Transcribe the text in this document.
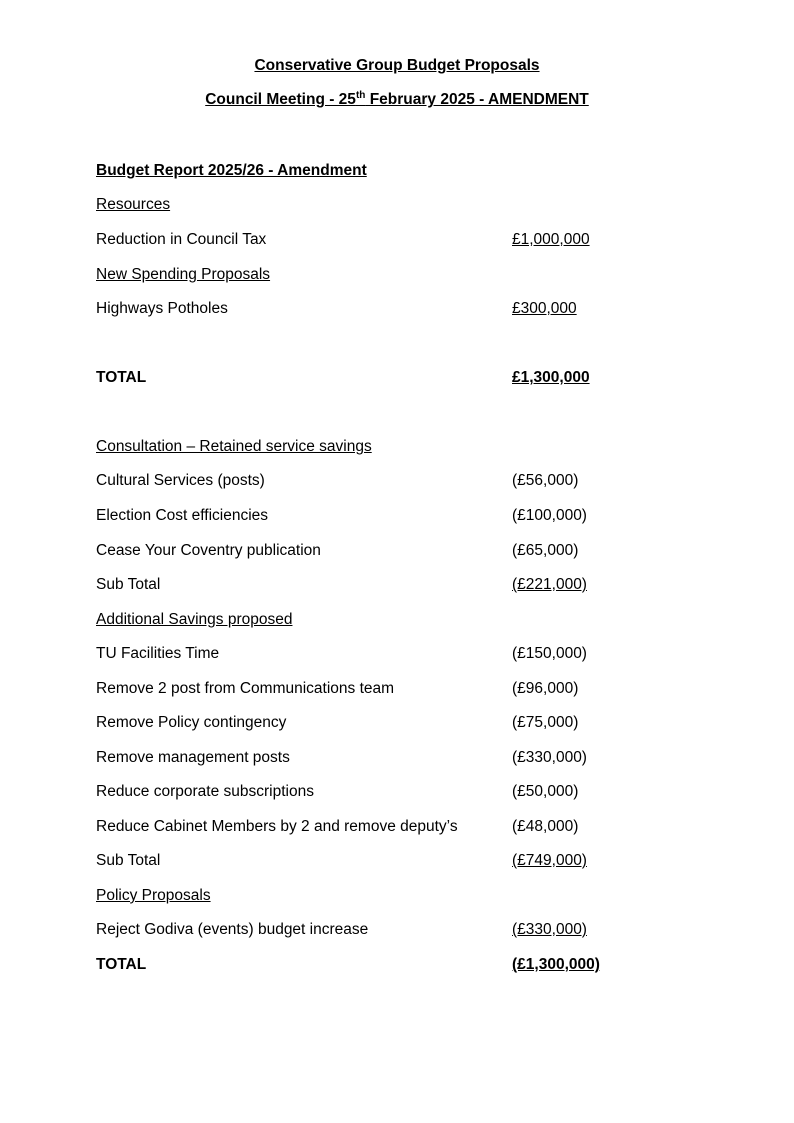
Conservative Group Budget Proposals
Council Meeting - 25th February 2025 - AMENDMENT
Budget Report 2025/26 - Amendment
Resources
Reduction in Council Tax	£1,000,000
New Spending Proposals
Highways Potholes	£300,000
TOTAL	£1,300,000
Consultation – Retained service savings
Cultural Services (posts)	(£56,000)
Election Cost efficiencies	(£100,000)
Cease Your Coventry publication	(£65,000)
Sub Total	(£221,000)
Additional Savings proposed
TU Facilities Time	(£150,000)
Remove 2 post from Communications team	(£96,000)
Remove Policy contingency	(£75,000)
Remove management posts	(£330,000)
Reduce corporate subscriptions	(£50,000)
Reduce Cabinet Members by 2 and remove deputy’s	(£48,000)
Sub Total	(£749,000)
Policy Proposals
Reject Godiva (events) budget increase	(£330,000)
TOTAL	(£1,300,000)
